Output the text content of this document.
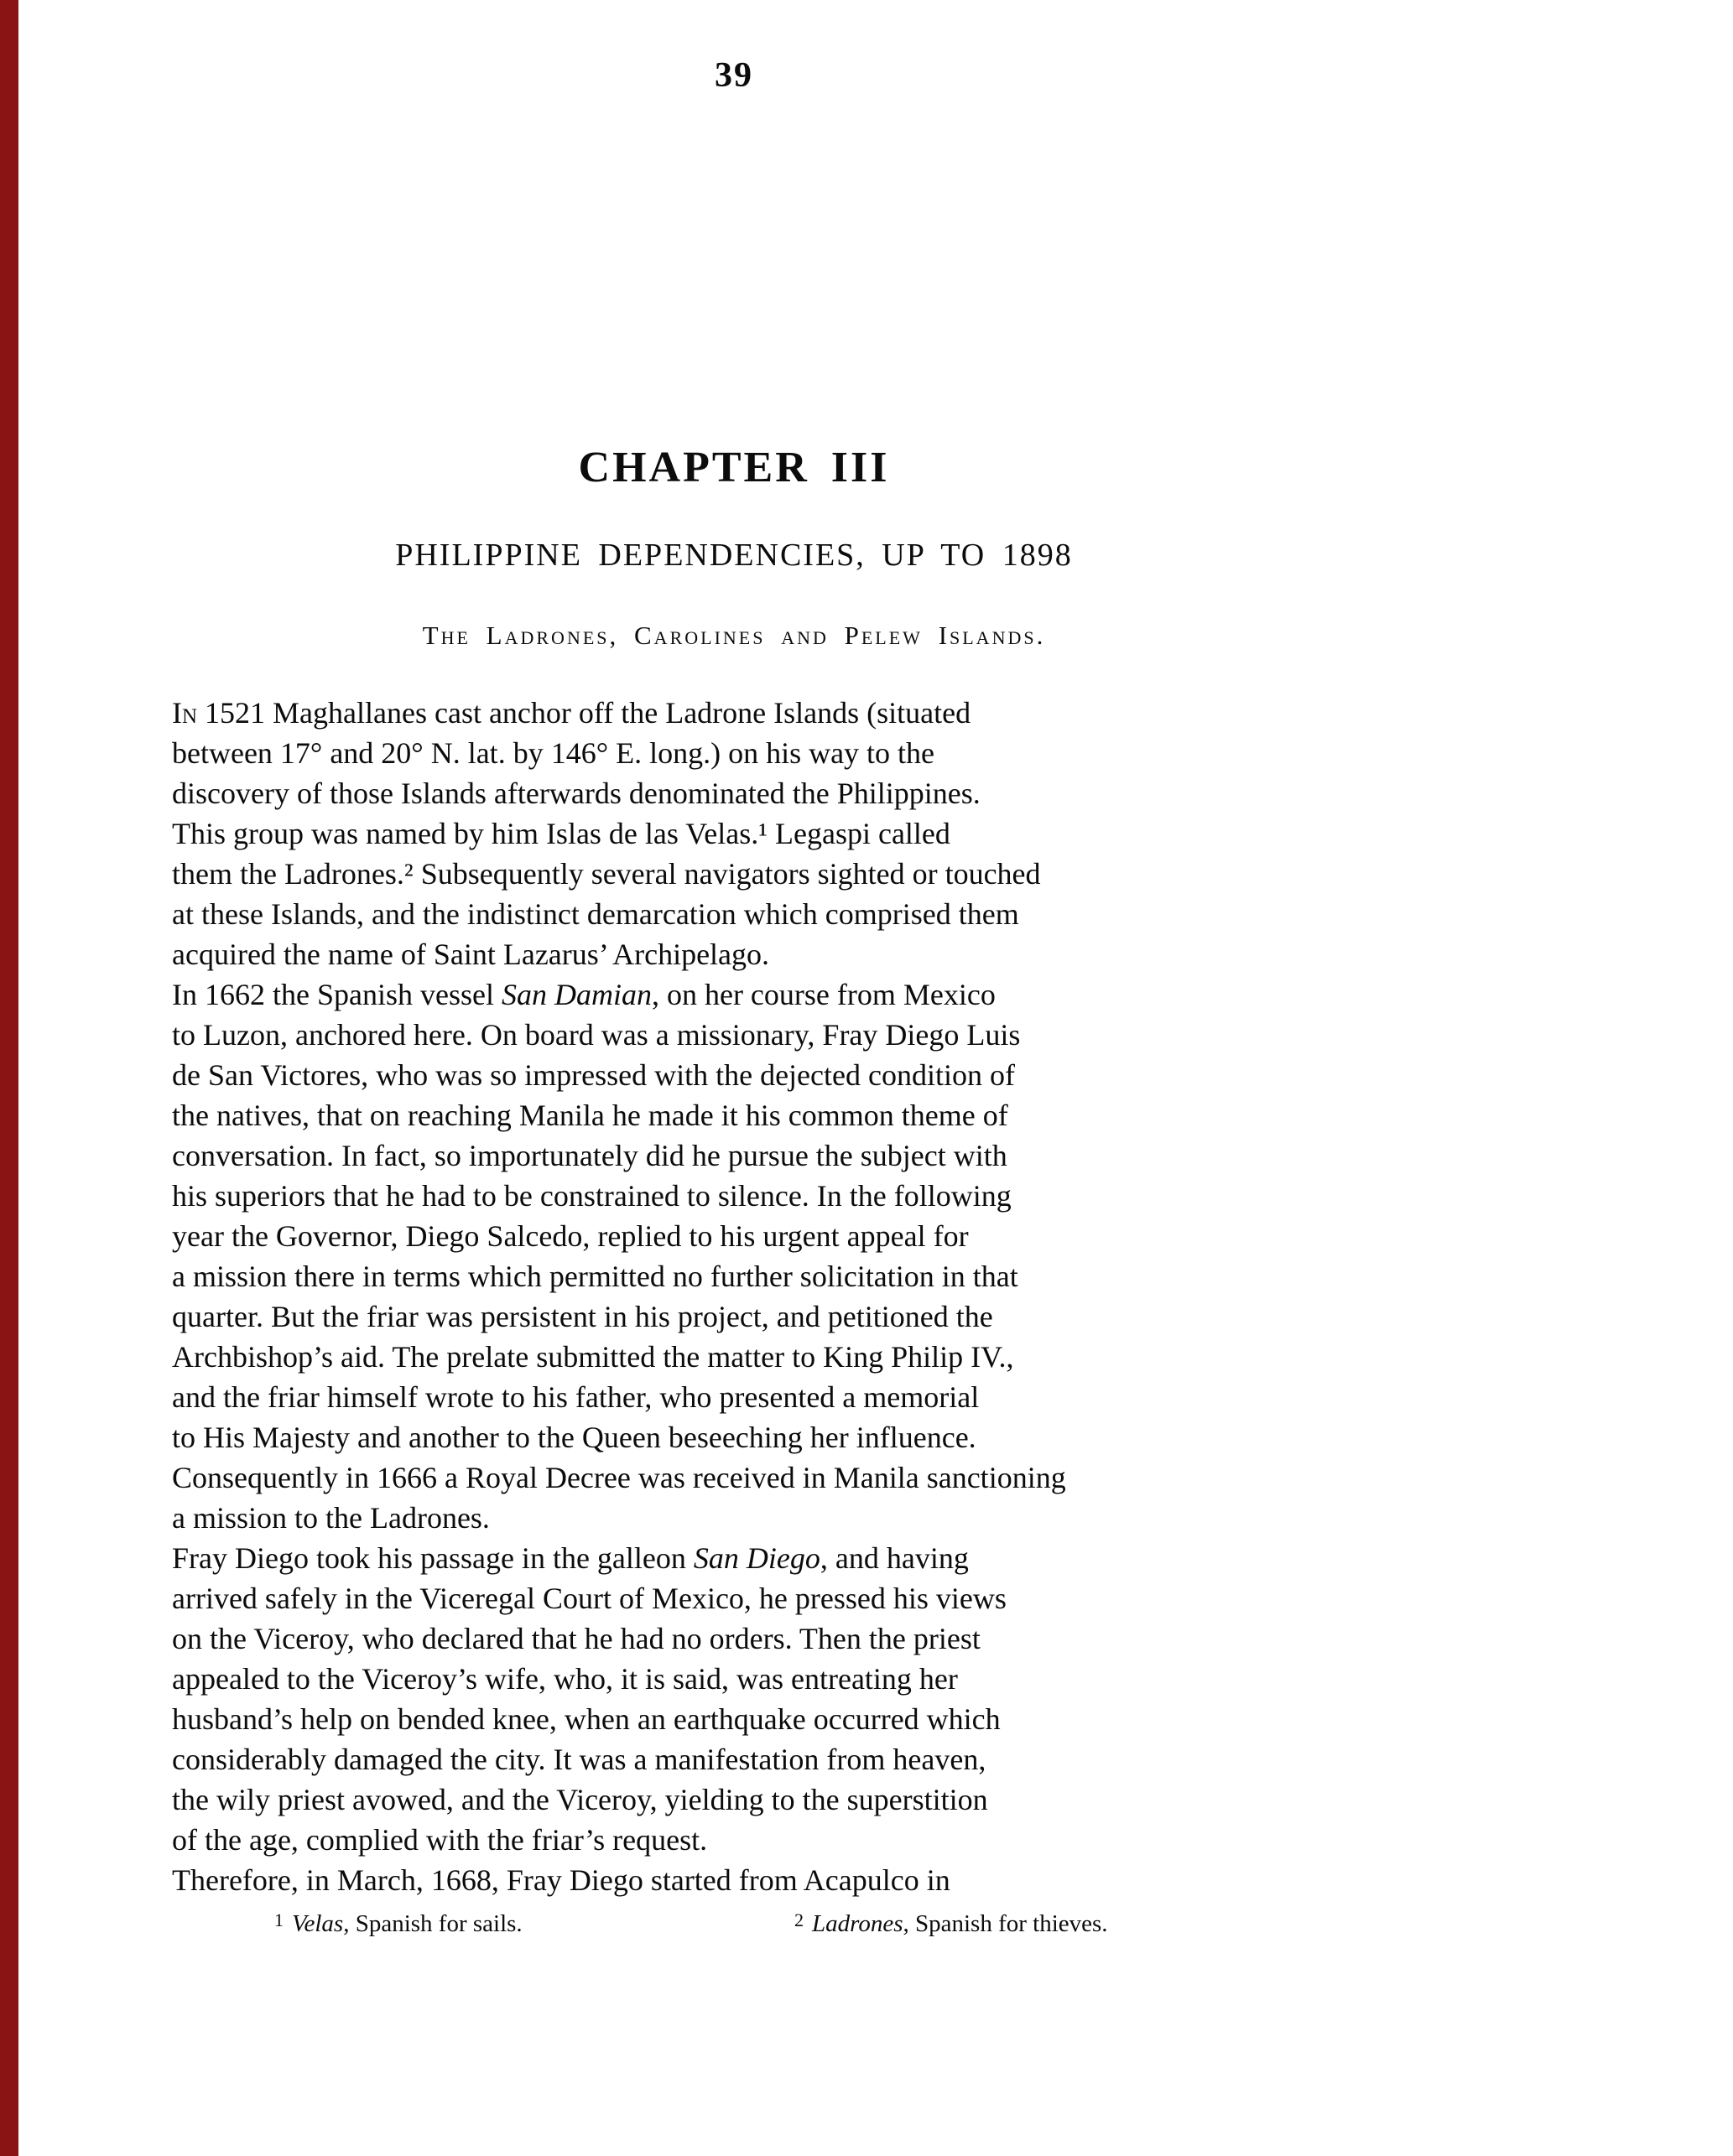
39
CHAPTER III
PHILIPPINE DEPENDENCIES, UP TO 1898
The Ladrones, Carolines and Pelew Islands.

In 1521 Maghallanes cast anchor off the Ladrone Islands (situated between 17° and 20° N. lat. by 146° E. long.) on his way to the discovery of those Islands afterwards denominated the Philippines. This group was named by him Islas de las Velas.¹ Legaspi called them the Ladrones.² Subsequently several navigators sighted or touched at these Islands, and the indistinct demarcation which comprised them acquired the name of Saint Lazarus’ Archipelago.

In 1662 the Spanish vessel San Damian, on her course from Mexico to Luzon, anchored here. On board was a missionary, Fray Diego Luis de San Victores, who was so impressed with the dejected condition of the natives, that on reaching Manila he made it his common theme of conversation. In fact, so importunately did he pursue the subject with his superiors that he had to be constrained to silence. In the following year the Governor, Diego Salcedo, replied to his urgent appeal for a mission there in terms which permitted no further solicitation in that quarter. But the friar was persistent in his project, and petitioned the Archbishop’s aid. The prelate submitted the matter to King Philip IV., and the friar himself wrote to his father, who presented a memorial to His Majesty and another to the Queen beseeching her influence. Consequently in 1666 a Royal Decree was received in Manila sanctioning a mission to the Ladrones.

Fray Diego took his passage in the galleon San Diego, and having arrived safely in the Viceregal Court of Mexico, he pressed his views on the Viceroy, who declared that he had no orders. Then the priest appealed to the Viceroy’s wife, who, it is said, was entreating her husband’s help on bended knee, when an earthquake occurred which considerably damaged the city. It was a manifestation from heaven, the wily priest avowed, and the Viceroy, yielding to the superstition of the age, complied with the friar’s request.

Therefore, in March, 1668, Fray Diego started from Acapulco in

$^1$ Velas, Spanish for sails.	$^2$ Ladrones, Spanish for thieves.
